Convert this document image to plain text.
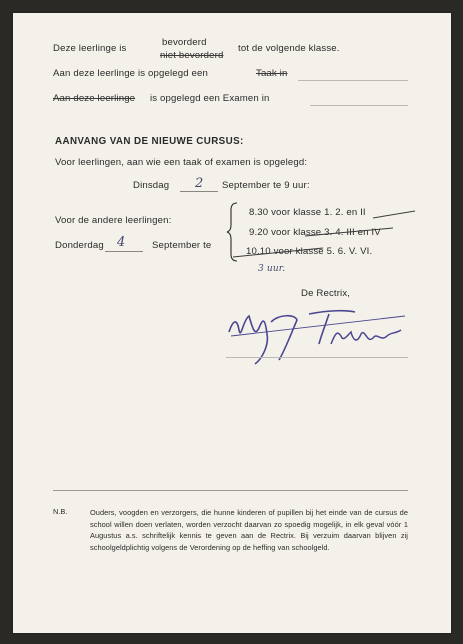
Deze leerlinge is
bevorderd
niet bevorderd
tot de volgende klasse.
Aan deze leerlinge is opgelegd een	Taak in
Aan deze leerlinge is opgelegd een Examen in
AANVANG VAN DE NIEUWE CURSUS:
Voor leerlingen, aan wie een taak of examen is opgelegd:
Dinsdag 2 September te 9 uur:
Voor de andere leerlingen:
Donderdag 4	September te
8.30 voor klasse 1. 2. en II
9.20 voor klasse 3. 4. III en IV
10.10 voor klasse 5. 6. V. VI.
3 uur.
De Rectrix,
N.B.	Ouders, voogden en verzorgers, die hunne kinderen of pupillen bij het einde van de cursus de school willen doen verlaten, worden verzocht daarvan zo spoedig mogelijk, in elk geval vóór 1 Augustus a.s. schriftelijk kennis te geven aan de Rectrix. Bij verzuim daarvan blijven zij schoolgeldplichtig volgens de Verordening op de heffing van schoolgeld.
